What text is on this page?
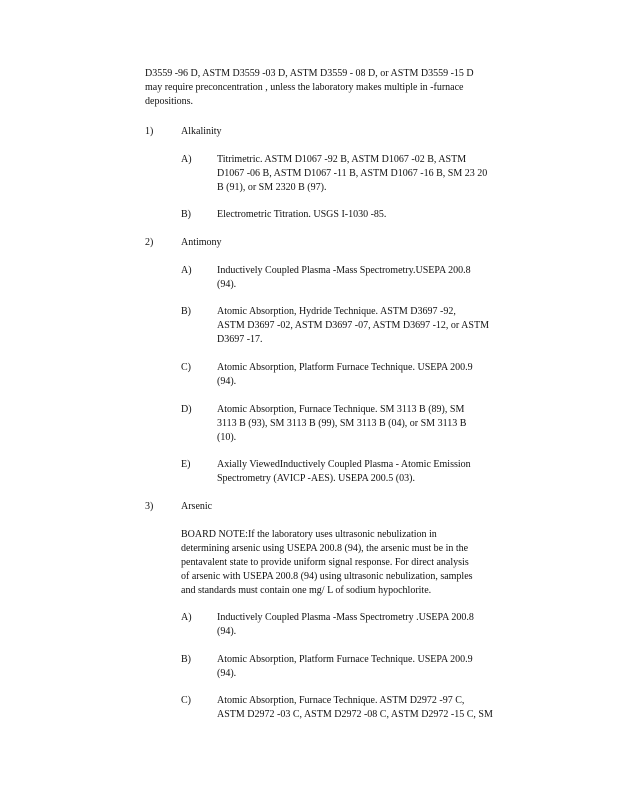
D3559 -96 D, ASTM D3559 -03 D, ASTM D3559 - 08 D, or ASTM D3559 -15 D
may require preconcentration , unless the laboratory makes multiple in -furnace
depositions.
1)	Alkalinity
A)	Titrimetric. ASTM D1067 -92 B, ASTM D1067 -02 B, ASTM
D1067 -06 B, ASTM D1067 -11 B, ASTM D1067 -16 B, SM 23 20
B (91), or SM 2320 B (97).
B)	Electrometric Titration. USGS I-1030 -85.
2)	Antimony
A)	Inductively Coupled Plasma -Mass Spectrometry.USEPA 200.8
(94).
B)	Atomic Absorption, Hydride Technique. ASTM D3697 -92,
ASTM D3697 -02, ASTM D3697 -07, ASTM D3697 -12, or ASTM
D3697 -17.
C)	Atomic Absorption, Platform Furnace Technique. USEPA 200.9
(94).
D)	Atomic Absorption, Furnace Technique. SM 3113 B (89), SM
3113 B (93), SM 3113 B (99), SM 3113 B (04), or SM 3113 B
(10).
E)	Axially ViewedInductively Coupled Plasma - Atomic Emission
Spectrometry (AVICP -AES). USEPA 200.5 (03).
3)	Arsenic
BOARD NOTE:If the laboratory uses ultrasonic nebulization in
determining arsenic using USEPA 200.8 (94), the arsenic must be in the
pentavalent state to provide uniform signal response. For direct analysis
of arsenic with USEPA 200.8 (94) using ultrasonic nebulization, samples
and standards must contain one mg/ L of sodium hypochlorite.
A)	Inductively Coupled Plasma -Mass Spectrometry .USEPA 200.8
(94).
B)	Atomic Absorption, Platform Furnace Technique. USEPA 200.9
(94).
C)	Atomic Absorption, Furnace Technique. ASTM D2972 -97 C,
ASTM D2972 -03 C, ASTM D2972 -08 C, ASTM D2972 -15 C, SM
